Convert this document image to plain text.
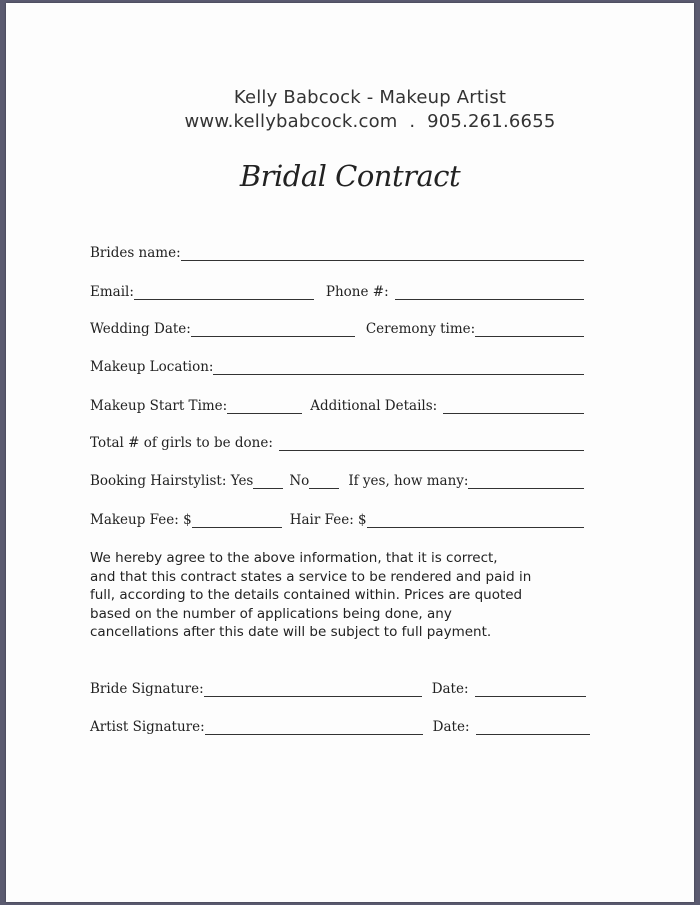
Kelly Babcock - Makeup Artist
www.kellybabcock.com  .  905.261.6655
Bridal Contract
Brides name:
Email:	Phone #:
Wedding Date:	Ceremony time:
Makeup Location:
Makeup Start Time:	Additional Details:
Total # of girls to be done:
Booking Hairstylist: Yes	No	If yes, how many:
Makeup Fee: $	Hair Fee: $
We hereby agree to the above information, that it is correct,
and that this contract states a service to be rendered and paid in
full, according to the details contained within. Prices are quoted
based on the number of applications being done, any
cancellations after this date will be subject to full payment.
Bride Signature:	Date:
Artist Signature:	Date:
